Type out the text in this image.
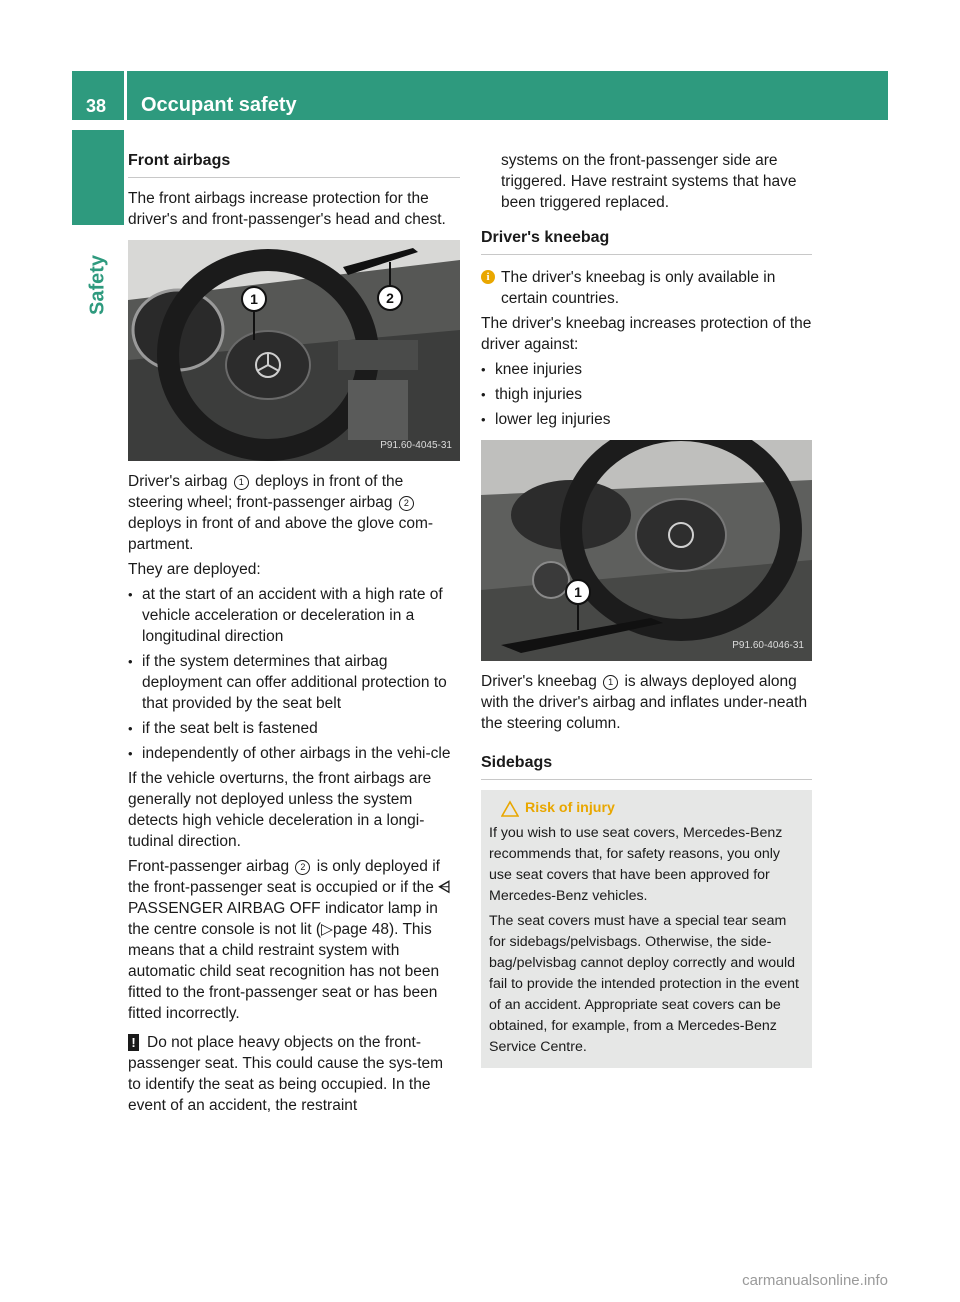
38 Occupant safety
Safety
Front airbags

The front airbags increase protection for the driver's and front-passenger's head and chest.

2
1
P91.60-4045-31

Driver's airbag 1 deploys in front of the steering wheel; front-passenger airbag 2 deploys in front of and above the glove com-partment.

They are deployed:

• at the start of an accident with a high rate of vehicle acceleration or deceleration in a longitudinal direction
• if the system determines that airbag deployment can offer additional protection to that provided by the seat belt
• if the seat belt is fastened
• independently of other airbags in the vehi-cle

If the vehicle overturns, the front airbags are generally not deployed unless the system detects high vehicle deceleration in a longi-tudinal direction.

Front-passenger airbag 2 is only deployed if the front-passenger seat is occupied or if the ⩤ PASSENGER AIRBAG OFF indicator lamp in the centre console is not lit (▷page 48). This means that a child restraint system with automatic child seat recognition has not been fitted to the front-passenger seat or has been fitted incorrectly.

! Do not place heavy objects on the front-passenger seat. This could cause the sys-tem to identify the seat as being occupied. In the event of an accident, the restraint

systems on the front-passenger side are triggered. Have restraint systems that have been triggered replaced.

Driver's kneebag

i The driver's kneebag is only available in certain countries.

The driver's kneebag increases protection of the driver against:

• knee injuries
• thigh injuries
• lower leg injuries
1
P91.60-4046-31

Driver's kneebag 1 is always deployed along with the driver's airbag and inflates under-neath the steering column.

Sidebags
Risk of injury

If you wish to use seat covers, Mercedes-Benz recommends that, for safety reasons, you only use seat covers that have been approved for Mercedes-Benz vehicles.

The seat covers must have a special tear seam for sidebags/pelvisbags. Otherwise, the side-bag/pelvisbag cannot deploy correctly and would fail to provide the intended protection in the event of an accident. Appropriate seat covers can be obtained, for example, from a Mercedes-Benz Service Centre.

carmanualsonline.info
